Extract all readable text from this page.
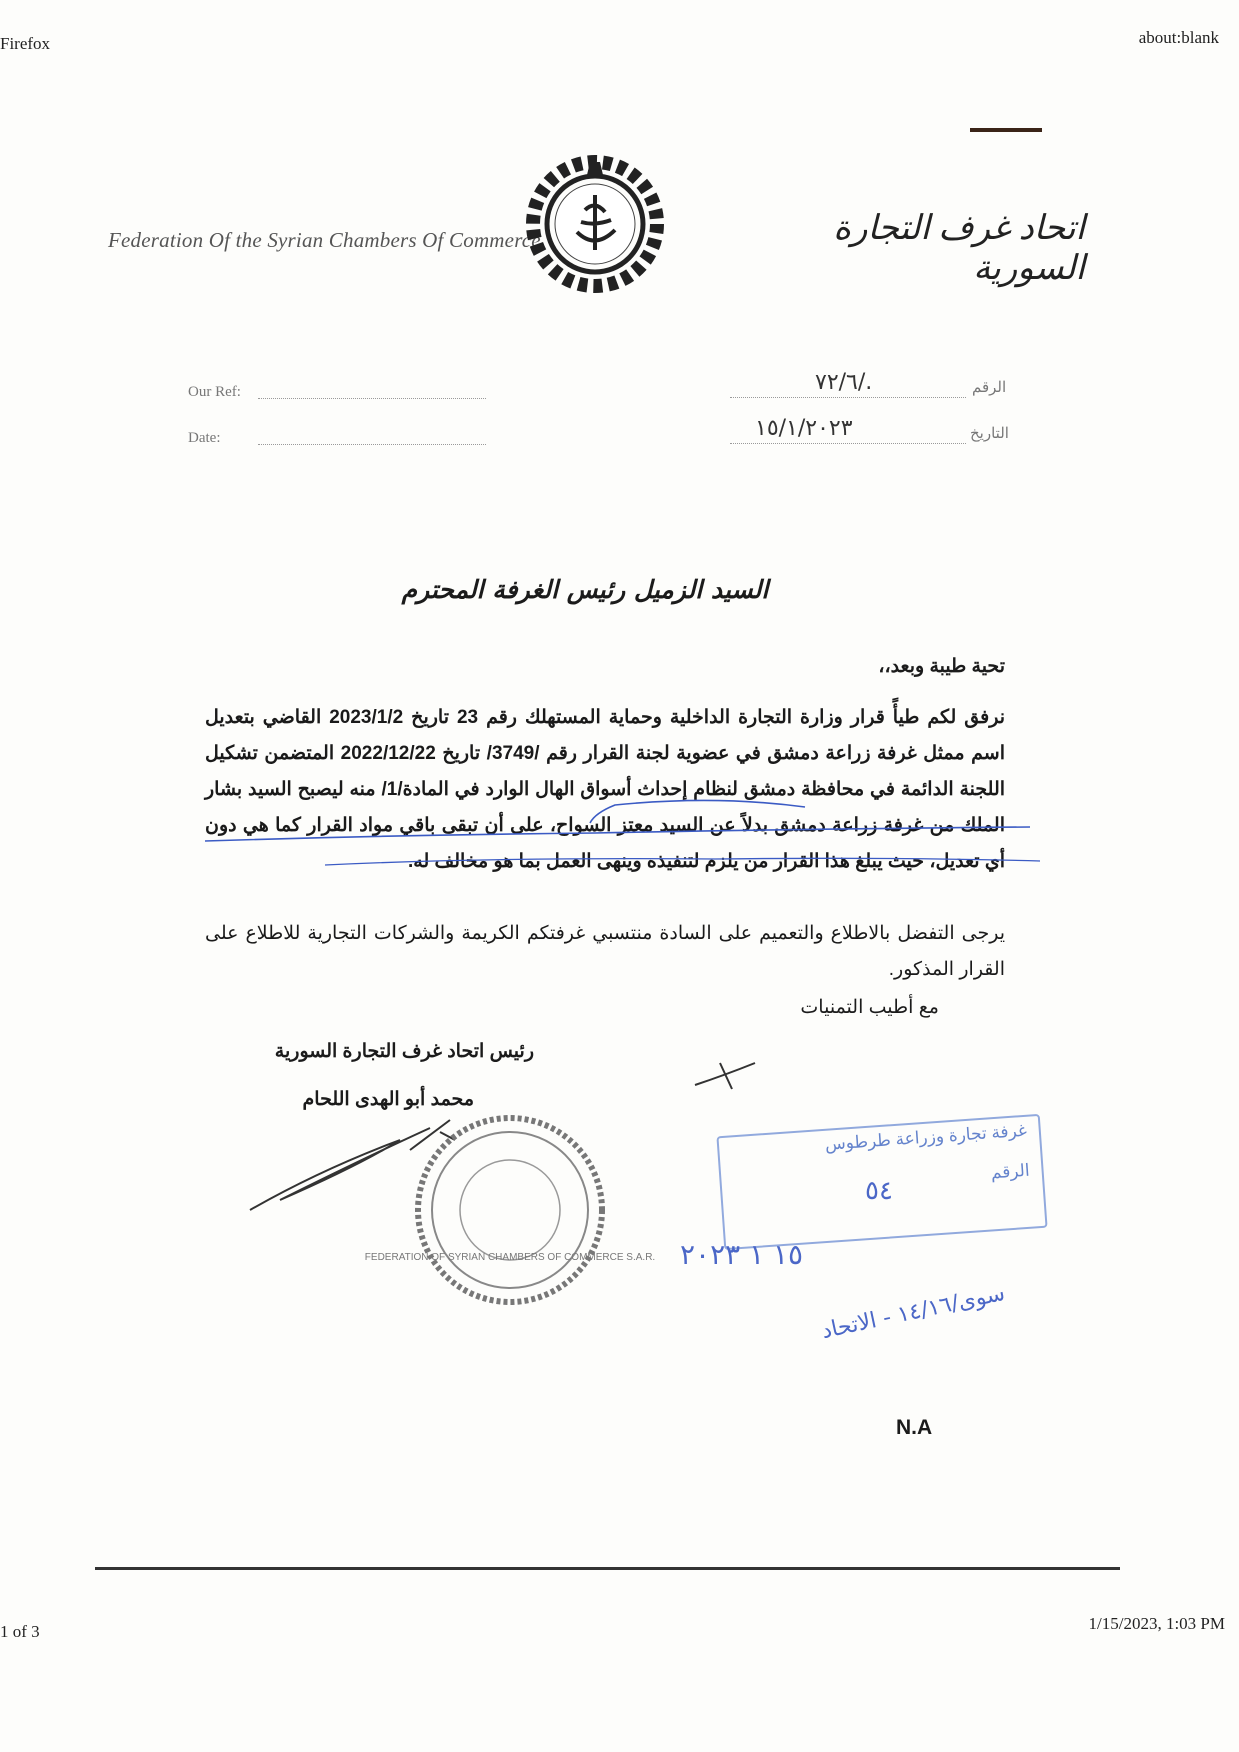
Firefox	about:blank
Federation Of the Syrian Chambers Of Commerce	اتحاد غرف التجارة السورية
Our Ref:
Date:
الرقم
٧٢/٦/.
التاريخ
١٥/١/٢٠٢٣
السيد الزميل رئيس الغرفة المحترم
تحية طيبة وبعد،،
نرفق لكم طيأً قرار وزارة التجارة الداخلية وحماية المستهلك رقم 23 تاريخ 2023/1/2 القاضي بتعديل اسم ممثل غرفة زراعة دمشق في عضوية لجنة القرار رقم /3749/ تاريخ 2022/12/22 المتضمن تشكيل اللجنة الدائمة في محافظة دمشق لنظام إحداث أسواق الهال الوارد في المادة/1/ منه ليصبح السيد بشار الملك من غرفة زراعة دمشق بدلاً عن السيد معتز السواح، على أن تبقى باقي مواد القرار كما هي دون أي تعديل، حيث يبلغ هذا القرار من يلزم لتنفيذه وينهى العمل بما هو مخالف له.
يرجى التفضل بالاطلاع والتعميم على السادة منتسبي غرفتكم الكريمة والشركات التجارية للاطلاع على القرار المذكور.
مع أطيب التمنيات
رئيس اتحاد غرف التجارة السورية
محمد أبو الهدى اللحام
FEDERATION OF SYRIAN CHAMBERS OF COMMERCE S.A.R.
غرفة تجارة وزراعة طرطوس
الرقم
٥٤
١٥ ١ ٢٠٢٣
سوى/١٤/١٦ - الاتحاد
N.A
1 of 3	1/15/2023, 1:03 PM
